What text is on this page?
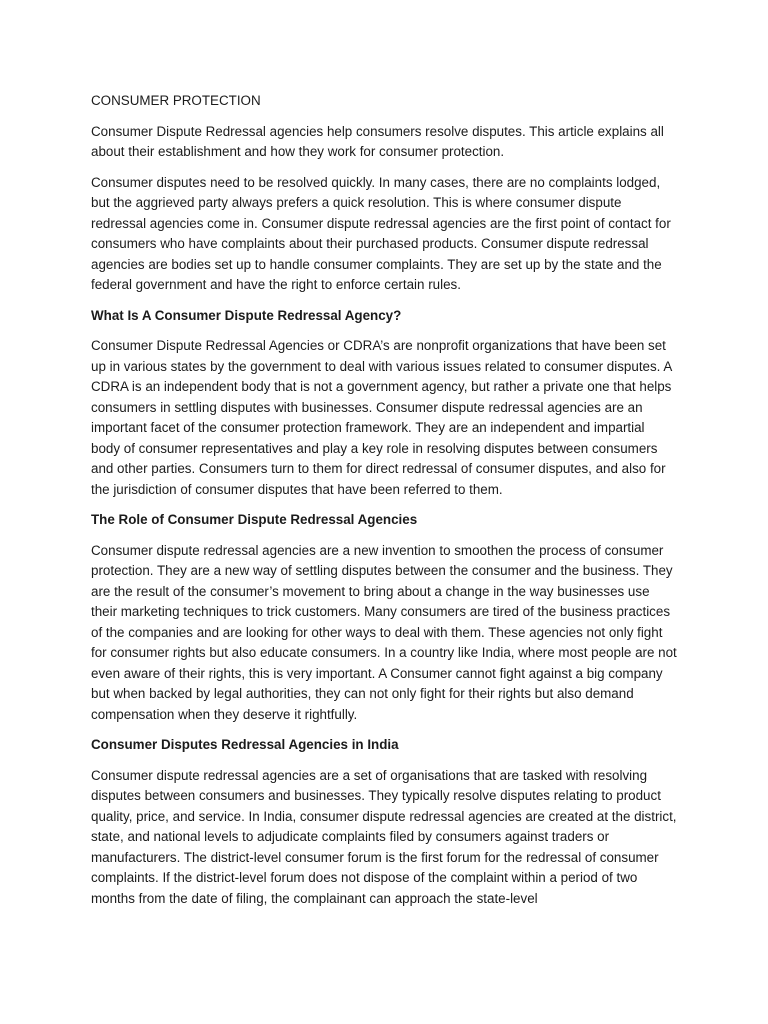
CONSUMER PROTECTION

Consumer Dispute Redressal agencies help consumers resolve disputes. This article explains all about their establishment and how they work for consumer protection.

Consumer disputes need to be resolved quickly. In many cases, there are no complaints lodged, but the aggrieved party always prefers a quick resolution. This is where consumer dispute redressal agencies come in. Consumer dispute redressal agencies are the first point of contact for consumers who have complaints about their purchased products. Consumer dispute redressal agencies are bodies set up to handle consumer complaints. They are set up by the state and the federal government and have the right to enforce certain rules.

What Is A Consumer Dispute Redressal Agency?

Consumer Dispute Redressal Agencies or CDRA’s are nonprofit organizations that have been set up in various states by the government to deal with various issues related to consumer disputes. A CDRA is an independent body that is not a government agency, but rather a private one that helps consumers in settling disputes with businesses. Consumer dispute redressal agencies are an important facet of the consumer protection framework. They are an independent and impartial body of consumer representatives and play a key role in resolving disputes between consumers and other parties. Consumers turn to them for direct redressal of consumer disputes, and also for the jurisdiction of consumer disputes that have been referred to them.

The Role of Consumer Dispute Redressal Agencies

Consumer dispute redressal agencies are a new invention to smoothen the process of consumer protection. They are a new way of settling disputes between the consumer and the business. They are the result of the consumer’s movement to bring about a change in the way businesses use their marketing techniques to trick customers. Many consumers are tired of the business practices of the companies and are looking for other ways to deal with them. These agencies not only fight for consumer rights but also educate consumers. In a country like India, where most people are not even aware of their rights, this is very important. A Consumer cannot fight against a big company but when backed by legal authorities, they can not only fight for their rights but also demand compensation when they deserve it rightfully.

Consumer Disputes Redressal Agencies in India

Consumer dispute redressal agencies are a set of organisations that are tasked with resolving disputes between consumers and businesses. They typically resolve disputes relating to product quality, price, and service. In India, consumer dispute redressal agencies are created at the district, state, and national levels to adjudicate complaints filed by consumers against traders or manufacturers. The district-level consumer forum is the first forum for the redressal of consumer complaints. If the district-level forum does not dispose of the complaint within a period of two months from the date of filing, the complainant can approach the state-level
